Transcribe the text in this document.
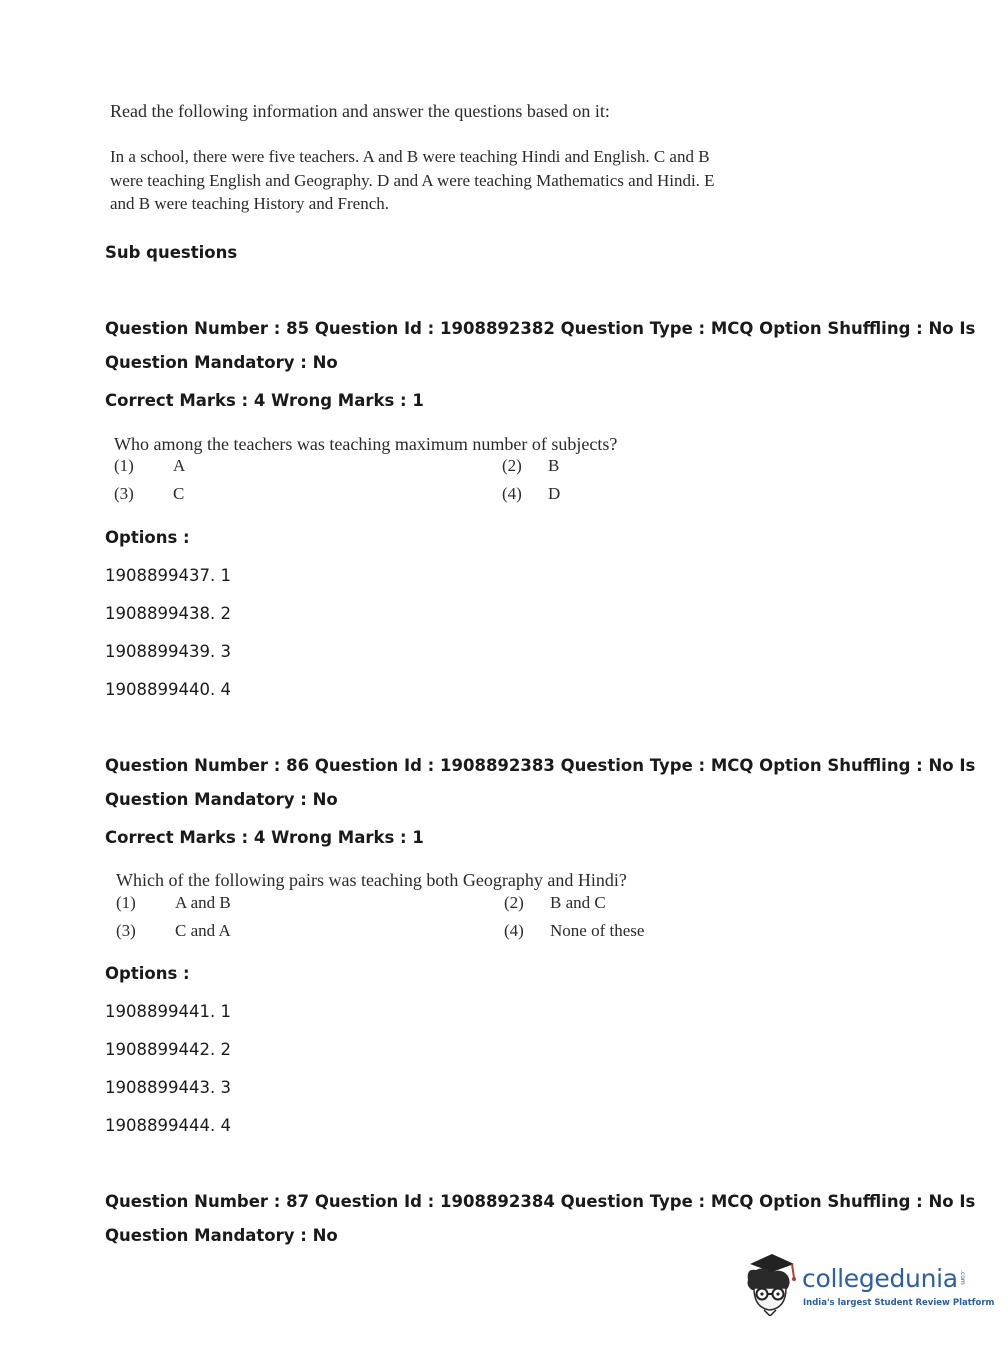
Read the following information and answer the questions based on it:
In a school, there were five teachers. A and B were teaching Hindi and English. C and B were teaching English and Geography. D and A were teaching Mathematics and Hindi. E and B were teaching History and French.
Sub questions
Question Number : 85 Question Id : 1908892382 Question Type : MCQ Option Shuffling : No Is
Question Mandatory : No
Correct Marks : 4 Wrong Marks : 1
Who among the teachers was teaching maximum number of subjects?
(1) A	(2) B
(3) C	(4) D
Options :
1908899437. 1
1908899438. 2
1908899439. 3
1908899440. 4
Question Number : 86 Question Id : 1908892383 Question Type : MCQ Option Shuffling : No Is
Question Mandatory : No
Correct Marks : 4 Wrong Marks : 1
Which of the following pairs was teaching both Geography and Hindi?
(1) A and B	(2) B and C
(3) C and A	(4) None of these
Options :
1908899441. 1
1908899442. 2
1908899443. 3
1908899444. 4
Question Number : 87 Question Id : 1908892384 Question Type : MCQ Option Shuffling : No Is
Question Mandatory : No
collegedunia .com
India's largest Student Review Platform
